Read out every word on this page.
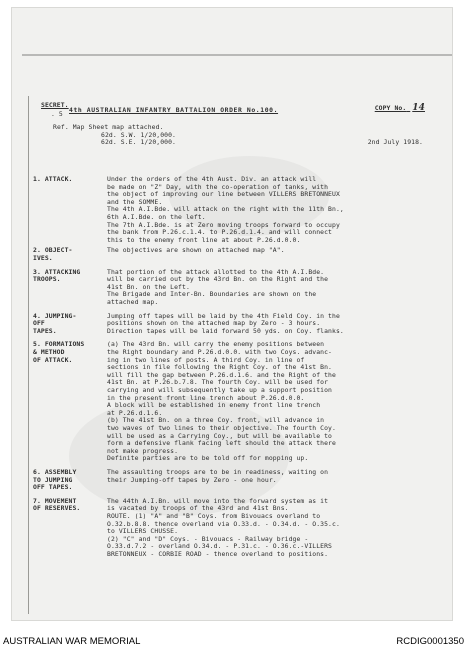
SECRET.
. 5 4th AUSTRALIAN INFANTRY BATTALION ORDER No.100.	COPY No. 14
Ref. Map Sheet map attached.
62d. S.W. 1/20,000.
62d. S.E. 1/20,000.	2nd July 1918.
1. ATTACK.	Under the orders of the 4th Aust. Div. an attack will
be made on "Z" Day, with the co-operation of tanks, with
the object of improving our line between VILLERS BRETONNEUX
and the SOMME.
The 4th A.I.Bde. will attack on the right with the 11th Bn.,
6th A.I.Bde. on the left.
The 7th A.I.Bde. is at Zero moving troops forward to occupy
the bank from P.26.c.1.4. to P.26.d.1.4. and will connect
this to the enemy front line at about P.26.d.0.0.
2. OBJECT-
IVES.
The objectives are shown on attached map "A".
3. ATTACKING
TROOPS.
That portion of the attack allotted to the 4th A.I.Bde.
will be carried out by the 43rd Bn. on the Right and the
41st Bn. on the Left.
The Brigade and Inter-Bn. Boundaries are shown on the
attached map.
4. JUMPING-
OFF
TAPES.
Jumping off tapes will be laid by the 4th Field Coy. in the
positions shown on the attached map by Zero - 3 hours.
Direction tapes will be laid forward 50 yds. on Coy. flanks.
5. FORMATIONS
& METHOD
OF ATTACK.
(a) The 43rd Bn. will carry the enemy positions between
the Right boundary and P.26.d.0.0. with two Coys. advanc-
ing in two lines of posts. A third Coy. in line of
sections in file following the Right Coy. of the 41st Bn.
will fill the gap between P.26.d.1.6. and the Right of the
41st Bn. at P.26.b.7.8. The fourth Coy. will be used for
carrying and will subsequently take up a support position
in the present front line trench about P.26.d.0.0.
A block will be established in enemy front line trench
at P.26.d.1.6.
(b) The 41st Bn. on a three Coy. front, will advance in
two waves of two lines to their objective. The fourth Coy.
will be used as a Carrying Coy., but will be available to
form a defensive flank facing left should the attack there
not make progress.
Definite parties are to be told off for mopping up.
6. ASSEMBLY
TO JUMPING
OFF TAPES.
The assaulting troops are to be in readiness, waiting on
their Jumping-off tapes by Zero - one hour.
7. MOVEMENT
OF RESERVES.
The 44th A.I.Bn. will move into the forward system as it
is vacated by troops of the 43rd and 41st Bns.
ROUTE. (1) "A" and "B" Coys. from Bivouacs overland to
O.32.b.8.8. thence overland via O.33.d. - O.34.d. - O.35.c.
to VILLERS CHUSSE.
(2) "C" and "D" Coys. - Bivouacs - Railway bridge -
O.33.d.7.2 - overland O.34.d. - P.31.c. - O.36.c.-VILLERS
BRETONNEUX - CORBIE ROAD - thence overland to positions.
AUSTRALIAN WAR MEMORIAL	RCDIG0001350
